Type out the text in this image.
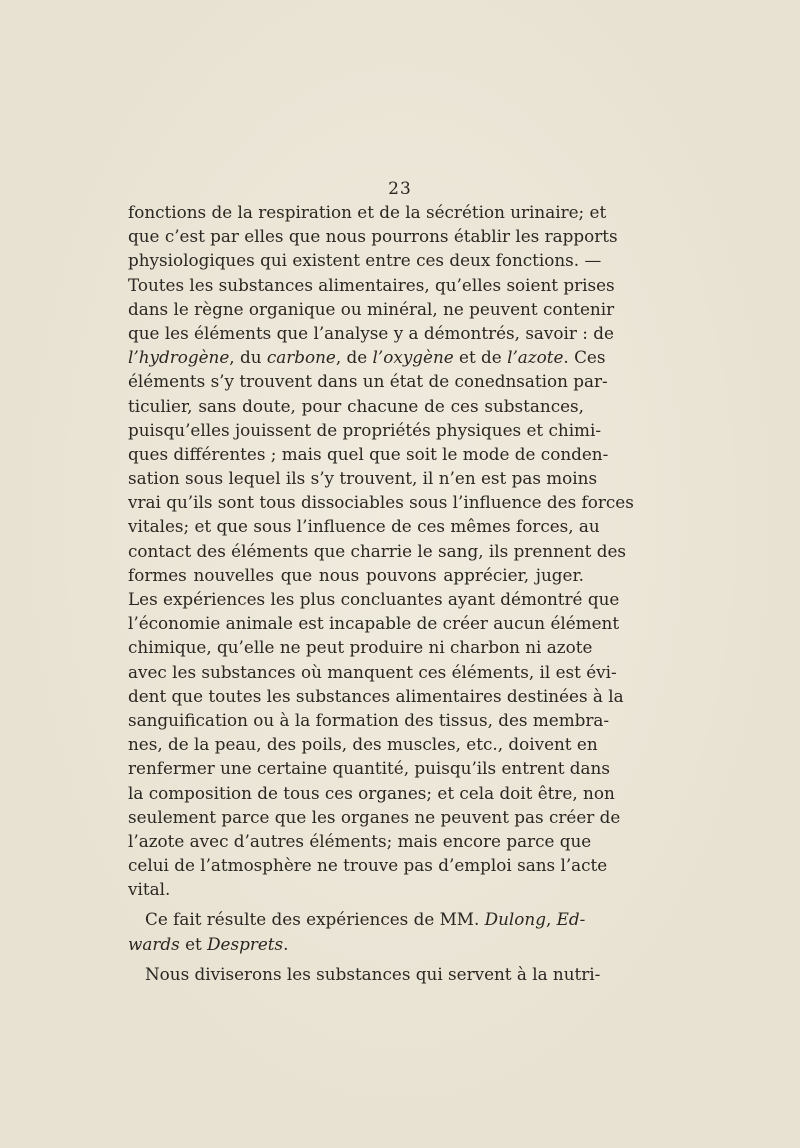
23
fonctions de la respiration et de la sécrétion urinaire; et
que c’est par elles que nous pourrons établir les rapports
physiologiques qui existent entre ces deux fonctions. —
Toutes les substances alimentaires, qu’elles soient prises
dans le règne organique ou minéral, ne peuvent contenir
que les éléments que l’analyse y a démontrés, savoir : de
l’hydrogène, du carbone, de l’oxygène et de l’azote. Ces
éléments s’y trouvent dans un état de conednsation par-
ticulier, sans doute, pour chacune de ces substances,
puisqu’elles jouissent de propriétés physiques et chimi-
ques différentes ; mais quel que soit le mode de conden-
sation sous lequel ils s’y trouvent, il n’en est pas moins
vrai qu’ils sont tous dissociables sous l’influence des forces
vitales; et que sous l’influence de ces mêmes forces, au
contact des éléments que charrie le sang, ils prennent des
formes nouvelles que nous pouvons apprécier, juger.
Les expériences les plus concluantes ayant démontré que
l’économie animale est incapable de créer aucun élément
chimique, qu’elle ne peut produire ni charbon ni azote
avec les substances où manquent ces éléments, il est évi-
dent que toutes les substances alimentaires destinées à la
sanguification ou à la formation des tissus, des membra-
nes, de la peau, des poils, des muscles, etc., doivent en
renfermer une certaine quantité, puisqu’ils entrent dans
la composition de tous ces organes; et cela doit être, non
seulement parce que les organes ne peuvent pas créer de
l’azote avec d’autres éléments; mais encore parce que
celui de l’atmosphère ne trouve pas d’emploi sans l’acte
vital.
Ce fait résulte des expériences de MM. Dulong, Ed-
wards et Desprets.
Nous diviserons les substances qui servent à la nutri-
